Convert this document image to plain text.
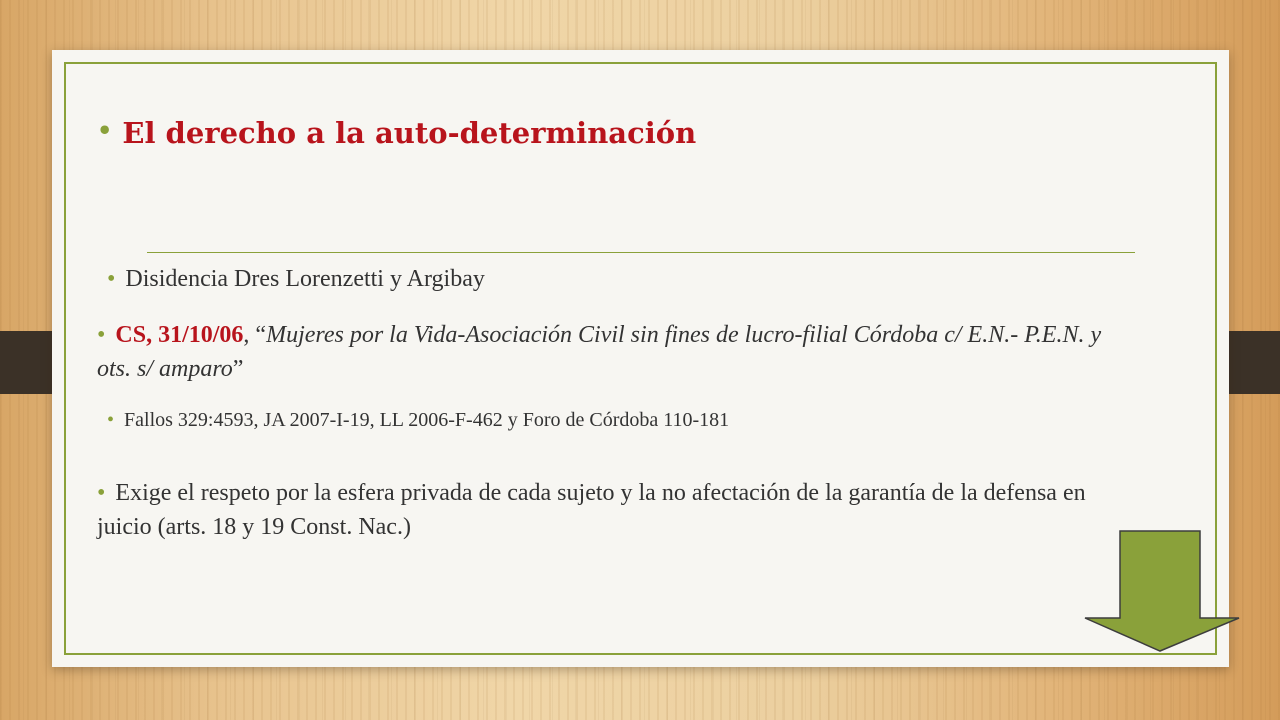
• El derecho a la auto-determinación
• Disidencia Dres Lorenzetti y Argibay
• CS, 31/10/06, “Mujeres por la Vida-Asociación Civil sin fines de lucro-filial Córdoba c/ E.N.- P.E.N. y ots. s/ amparo”
• Fallos 329:4593, JA 2007-I-19, LL 2006-F-462 y Foro de Córdoba 110-181
• Exige el respeto por la esfera privada de cada sujeto y la no afectación de la garantía de la defensa en juicio (arts. 18 y 19 Const. Nac.)
